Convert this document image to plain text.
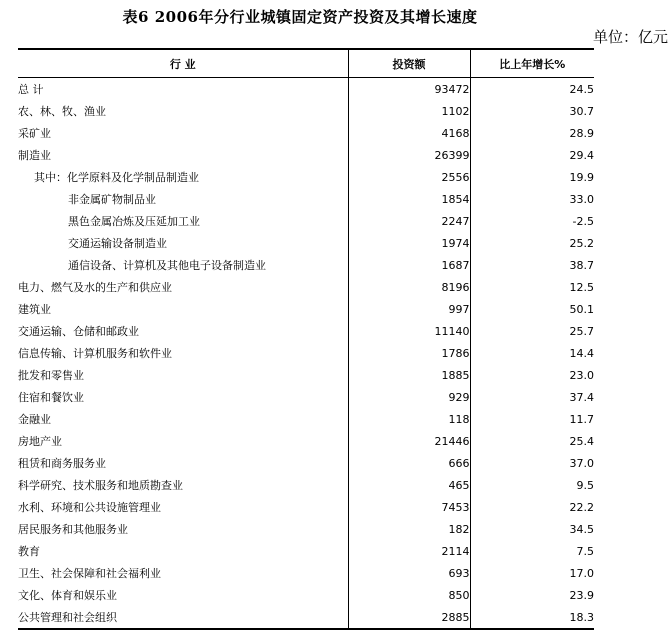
表6 2006年分行业城镇固定资产投资及其增长速度
单位：亿元
行 业	投资额	比上年增长%
总 计	93472	24.5
农、林、牧、渔业	1102	30.7
采矿业	4168	28.9
制造业	26399	29.4
其中：化学原料及化学制品制造业	2556	19.9
非金属矿物制品业	1854	33.0
黑色金属冶炼及压延加工业	2247	-2.5
交通运输设备制造业	1974	25.2
通信设备、计算机及其他电子设备制造业	1687	38.7
电力、燃气及水的生产和供应业	8196	12.5
建筑业	997	50.1
交通运输、仓储和邮政业	11140	25.7
信息传输、计算机服务和软件业	1786	14.4
批发和零售业	1885	23.0
住宿和餐饮业	929	37.4
金融业	118	11.7
房地产业	21446	25.4
租赁和商务服务业	666	37.0
科学研究、技术服务和地质勘查业	465	9.5
水利、环境和公共设施管理业	7453	22.2
居民服务和其他服务业	182	34.5
教育	2114	7.5
卫生、社会保障和社会福利业	693	17.0
文化、体育和娱乐业	850	23.9
公共管理和社会组织	2885	18.3
